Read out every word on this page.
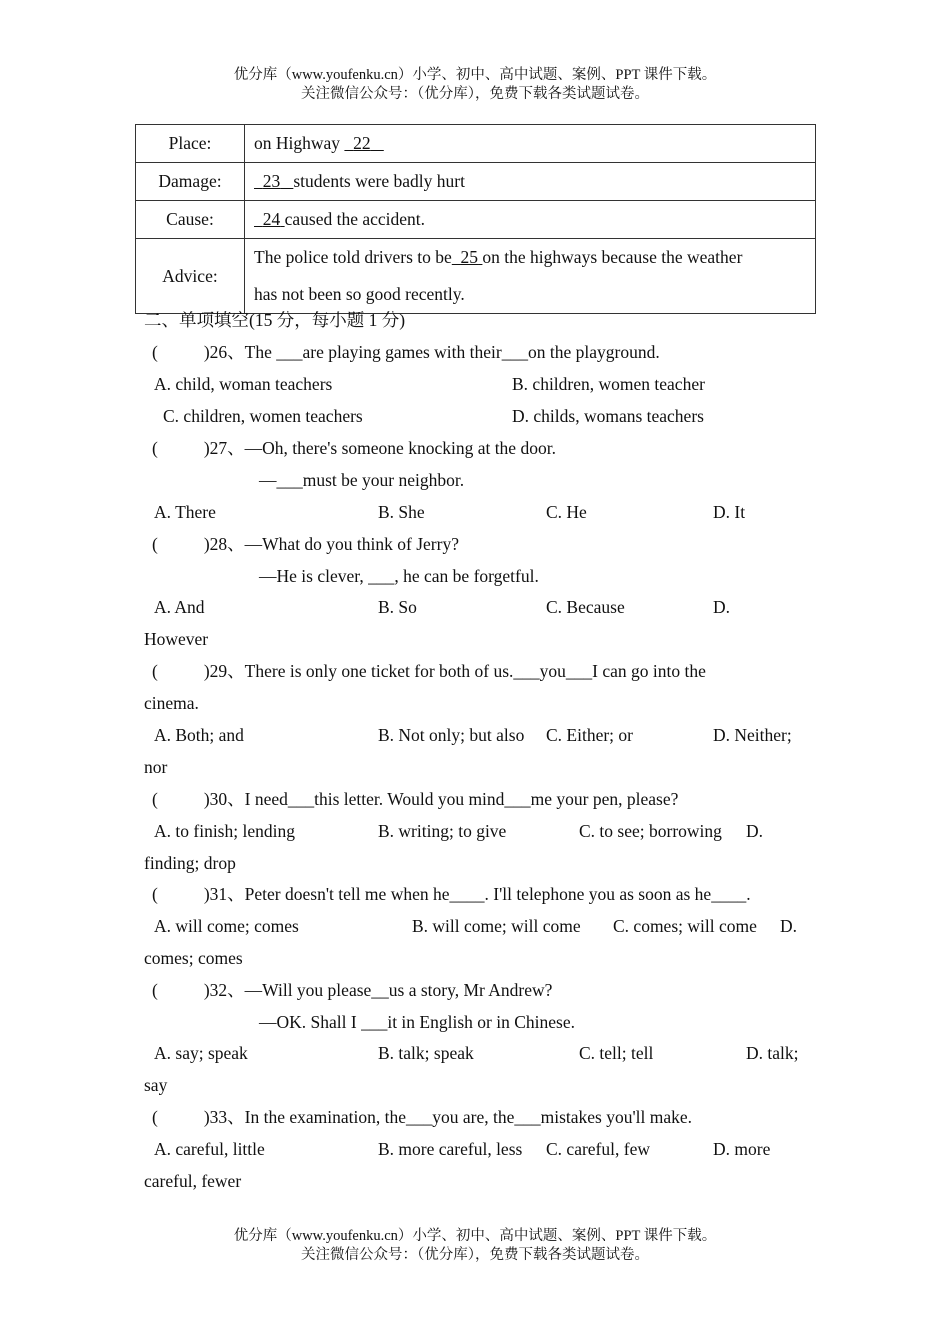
优分库（www.youfenku.cn）小学、初中、高中试题、案例、PPT 课件下载。
关注微信公众号：（优分库），免费下载各类试题试卷。
Place:	on Highway   22
Damage:	23 students were badly hurt
Cause:	24 caused the accident.
Advice:	The police told drivers to be 25 on the highways because the weather
has not been so good recently.
二、单项填空(15 分，每小题 1 分)
(	)26、The ___are playing games with their___on the playground.
A. child, woman teachers	B. children, women teacher
C. children, women teachers	D. childs, womans teachers
(	)27、—Oh, there's someone knocking at the door.
—___must be your neighbor.
A. There	B. She	C. He	D. It
(	)28、—What do you think of Jerry?
—He is clever, ___, he can be forgetful.
A. And	B. So	C. Because	D.
However
(	)29、There is only one ticket for both of us.___you___I can go into the
cinema.
A. Both; and	B. Not only; but also C. Either; or	D. Neither;
nor
(	)30、I need___this letter. Would you mind___me your pen, please?
A. to finish; lending	B. writing; to give	C. to see; borrowing D.
finding; drop
(	)31、Peter doesn't tell me when he____. I'll telephone you as soon as he____.
A. will come; comes	B. will come; will come C. comes; will come D.
comes; comes
(	)32、—Will you please__us a story, Mr Andrew?
—OK. Shall I ___it in English or in Chinese.
A. say; speak	B. talk; speak	C. tell; tell	D. talk;
say
(	)33、In the examination, the___you are, the___mistakes you'll make.
A. careful, little	B. more careful, less C. careful, few	D. more
careful, fewer
优分库（www.youfenku.cn）小学、初中、高中试题、案例、PPT 课件下载。
关注微信公众号：（优分库），免费下载各类试题试卷。
